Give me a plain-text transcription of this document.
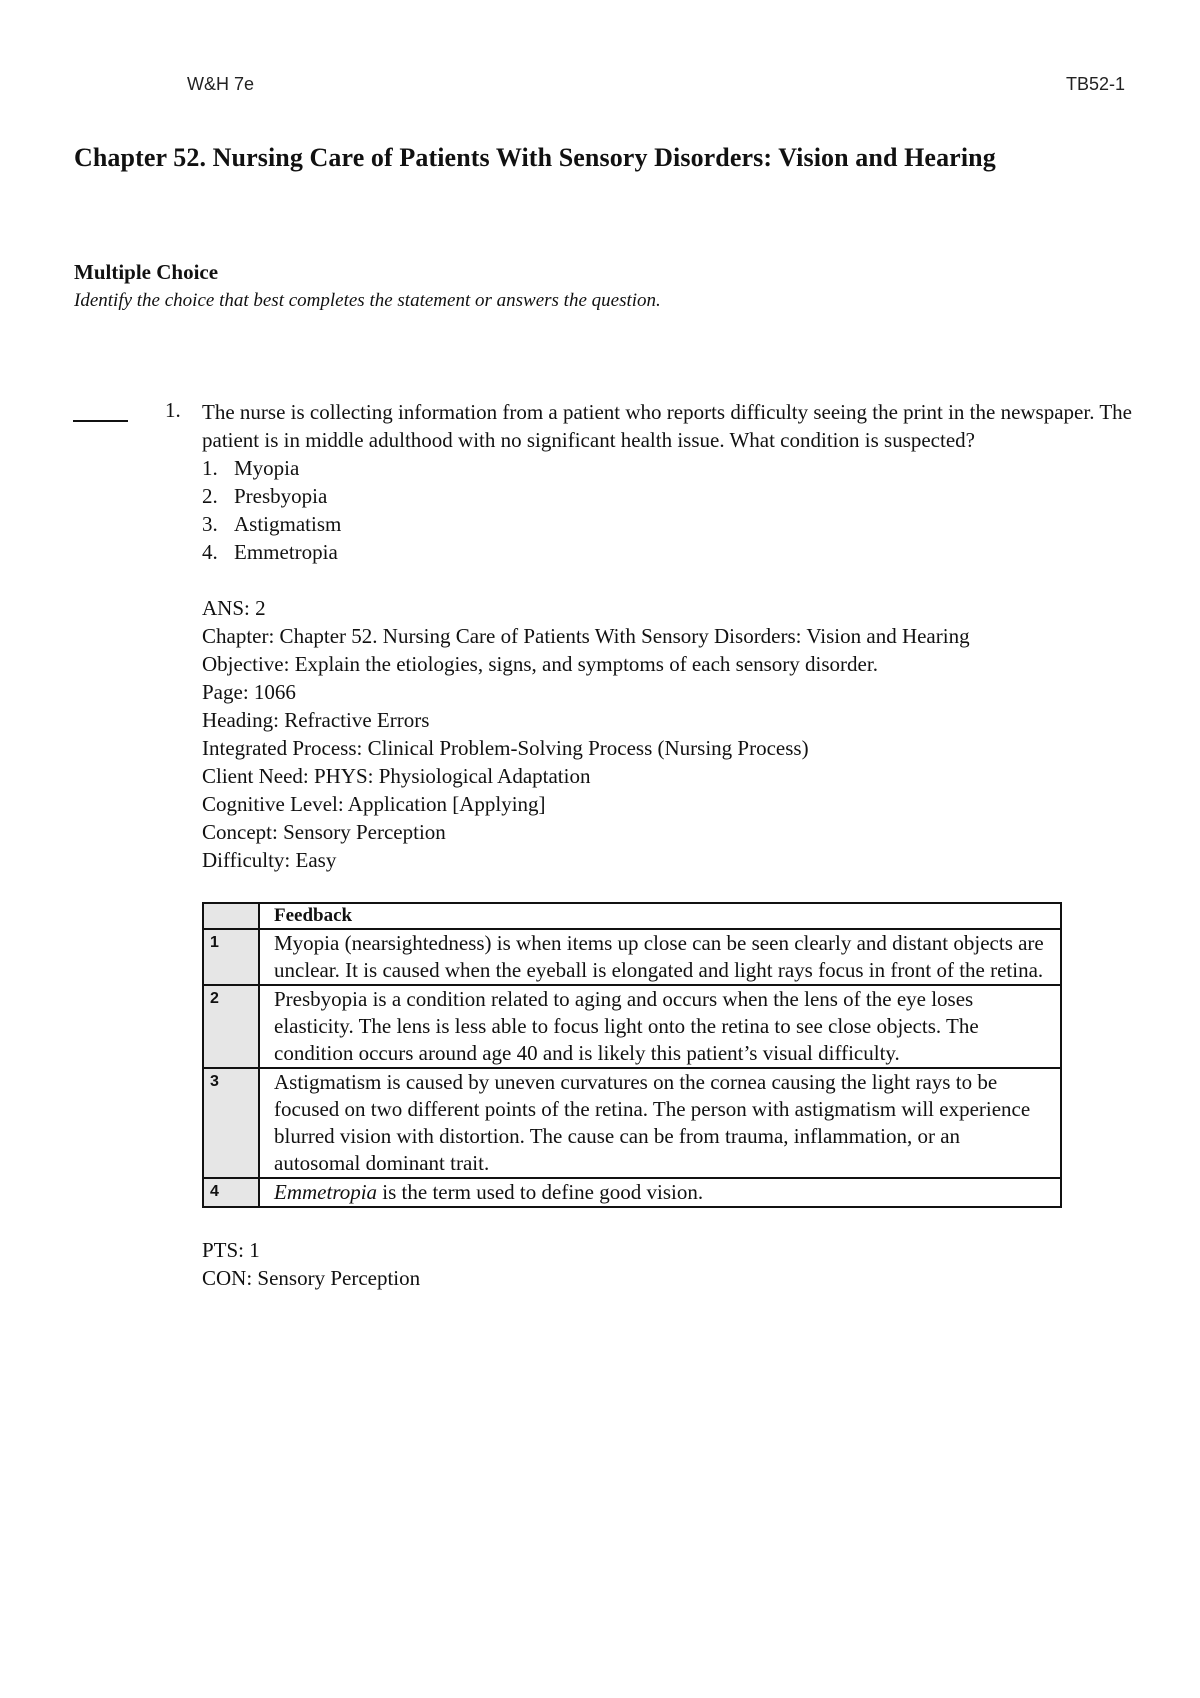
W&H 7e	TB52-1
Chapter 52. Nursing Care of Patients With Sensory Disorders: Vision and Hearing
Multiple Choice
Identify the choice that best completes the statement or answers the question.
1. The nurse is collecting information from a patient who reports difficulty seeing the print in the newspaper. The patient is in middle adulthood with no significant health issue. What condition is suspected?

1. Myopia
2. Presbyopia
3. Astigmatism
4. Emmetropia
ANS: 2
Chapter: Chapter 52. Nursing Care of Patients With Sensory Disorders: Vision and Hearing
Objective: Explain the etiologies, signs, and symptoms of each sensory disorder.
Page: 1066
Heading: Refractive Errors
Integrated Process: Clinical Problem-Solving Process (Nursing Process)
Client Need: PHYS: Physiological Adaptation
Cognitive Level: Application [Applying]
Concept: Sensory Perception
Difficulty: Easy
	Feedback
1	Myopia (nearsightedness) is when items up close can be seen clearly and distant objects are unclear. It is caused when the eyeball is elongated and light rays focus in front of the retina.
2	Presbyopia is a condition related to aging and occurs when the lens of the eye loses elasticity. The lens is less able to focus light onto the retina to see close objects. The condition occurs around age 40 and is likely this patient’s visual difficulty.
3	Astigmatism is caused by uneven curvatures on the cornea causing the light rays to be focused on two different points of the retina. The person with astigmatism will experience blurred vision with distortion. The cause can be from trauma, inflammation, or an autosomal dominant trait.
4	Emmetropia is the term used to define good vision.
PTS: 1
CON: Sensory Perception
